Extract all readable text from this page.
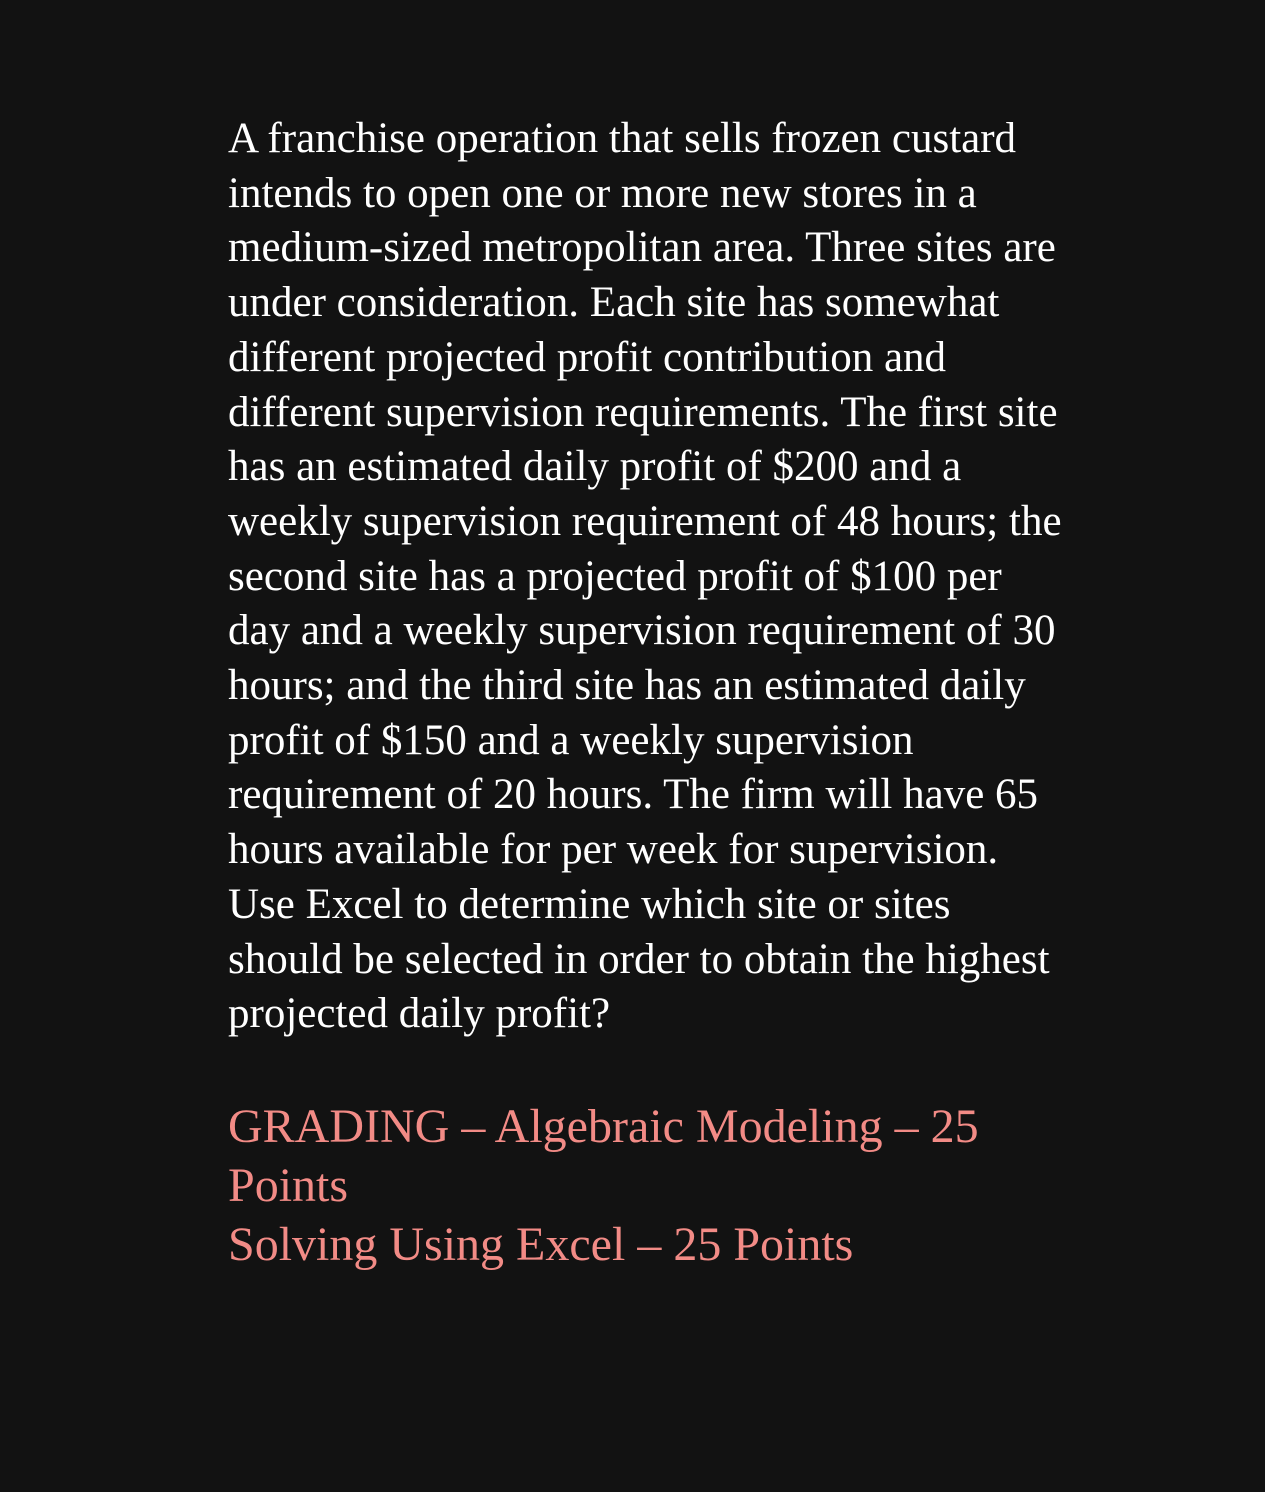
A franchise operation that sells frozen custard
intends to open one or more new stores in a
medium-sized metropolitan area. Three sites are
under consideration. Each site has somewhat
different projected profit contribution and
different supervision requirements. The first site
has an estimated daily profit of $200 and a
weekly supervision requirement of 48 hours; the
second site has a projected profit of $100 per
day and a weekly supervision requirement of 30
hours; and the third site has an estimated daily
profit of $150 and a weekly supervision
requirement of 20 hours. The firm will have 65
hours available for per week for supervision.
Use Excel to determine which site or sites
should be selected in order to obtain the highest
projected daily profit?
GRADING – Algebraic Modeling – 25
Points
Solving Using Excel – 25 Points
